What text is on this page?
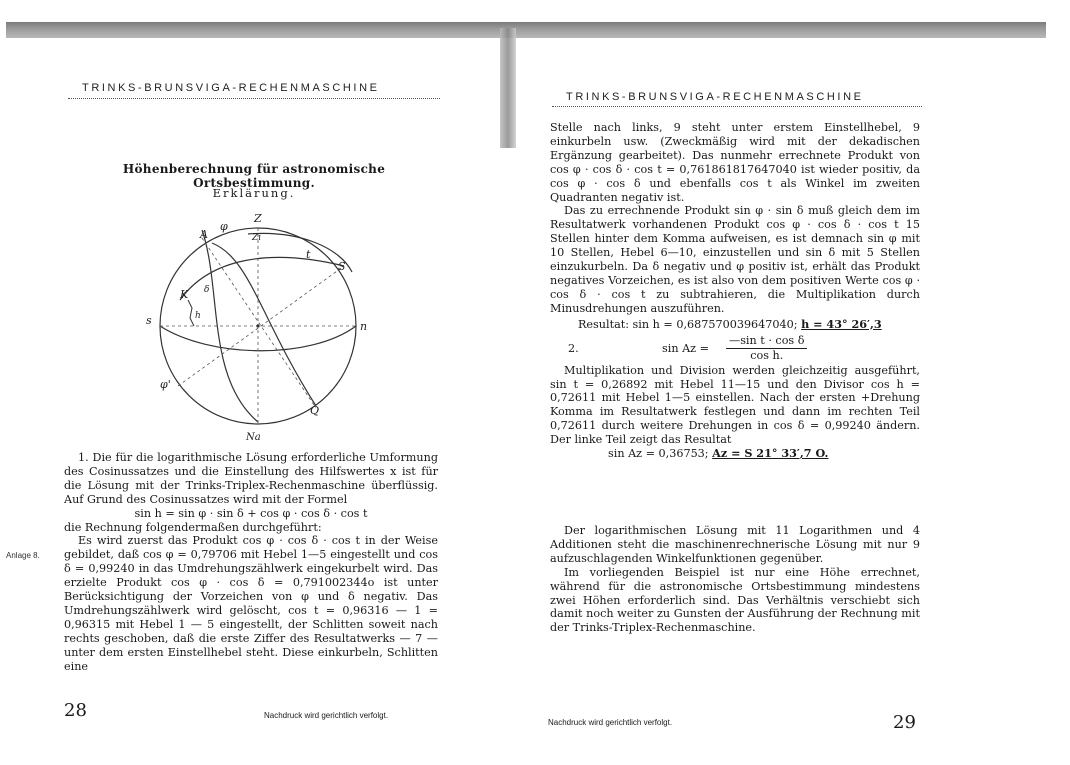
TRINKS-BRUNSVIGA-RECHENMASCHINE
Höhenberechnung für astronomische Ortsbestimmung.
Erklärung.
A
φ
Z
Zi
t
S
K δ
h
s	n
φ'
Q
Na

1. Die für die logarithmische Lösung erforderliche Umformung des Cosinussatzes und die Einstellung des Hilfswertes x ist für die Lösung mit der Trinks-Triplex-Rechenmaschine überflüssig. Auf Grund des Cosinussatzes wird mit der Formel

sin h = sin φ · sin δ + cos φ · cos δ · cos t

die Rechnung folgendermaßen durchgeführt:

Es wird zuerst das Produkt cos φ · cos δ · cos t in der Weise gebildet, daß cos φ = 0,79706 mit Hebel 1—5 eingestellt und cos δ = 0,99240 in das Umdrehungszählwerk eingekurbelt wird. Das erzielte Produkt cos φ · cos δ = 0,791002344о ist unter Berücksichtigung der Vorzeichen von φ und δ negativ. Das Umdrehungszählwerk wird gelöscht, cos t = 0,96316 — 1 = 0,96315 mit Hebel 1 — 5 eingestellt, der Schlitten soweit nach rechts geschoben, daß die erste Ziffer des Resultatwerks — 7 — unter dem ersten Einstellhebel steht. Diese einkurbeln, Schlitten eine

Anlage 8.
28	Nachdruck wird gerichtlich verfolgt.
TRINKS-BRUNSVIGA-RECHENMASCHINE

Stelle nach links, 9 steht unter erstem Einstellhebel, 9 einkurbeln usw. (Zweckmäßig wird mit der dekadischen Ergänzung gearbeitet). Das nunmehr errechnete Produkt von cos φ · cos δ · cos t = 0,761861817647040 ist wieder positiv, da cos φ · cos δ und ebenfalls cos t als Winkel im zweiten Quadranten negativ ist.

Das zu errechnende Produkt sin φ · sin δ muß gleich dem im Resultatwerk vorhandenen Produkt cos φ · cos δ · cos t 15 Stellen hinter dem Komma aufweisen, es ist demnach sin φ mit 10 Stellen, Hebel 6—10, einzustellen und sin δ mit 5 Stellen einzukurbeln. Da δ negativ und φ positiv ist, erhält das Produkt negatives Vorzeichen, es ist also von dem positiven Werte cos φ · cos δ · cos t zu subtrahieren, die Multiplikation durch Minusdrehungen auszuführen.

Resultat: sin h = 0,687570039647040; h = 43° 26′,3

2.	$\sin Az = \frac{\text{—sin t · cos δ}}{\text{cos h.}}$

Multiplikation und Division werden gleichzeitig ausgeführt, sin t = 0,26892 mit Hebel 11—15 und den Divisor cos h = 0,72611 mit Hebel 1—5 einstellen. Nach der ersten +Drehung Komma im Resultatwerk festlegen und dann im rechten Teil 0,72611 durch weitere Drehungen in cos δ = 0,99240 ändern. Der linke Teil zeigt das Resultat

sin Az = 0,36753; Az = S 21° 33′,7 O.

Der logarithmischen Lösung mit 11 Logarithmen und 4 Additionen steht die maschinenrechnerische Lösung mit nur 9 aufzuschlagenden Winkelfunktionen gegenüber.

Im vorliegenden Beispiel ist nur eine Höhe errechnet, während für die astronomische Ortsbestimmung mindestens zwei Höhen erforderlich sind. Das Verhältnis verschiebt sich damit noch weiter zu Gunsten der Ausführung der Rechnung mit der Trinks-Triplex-Rechenmaschine.

Nachdruck wird gerichtlich verfolgt.	29
